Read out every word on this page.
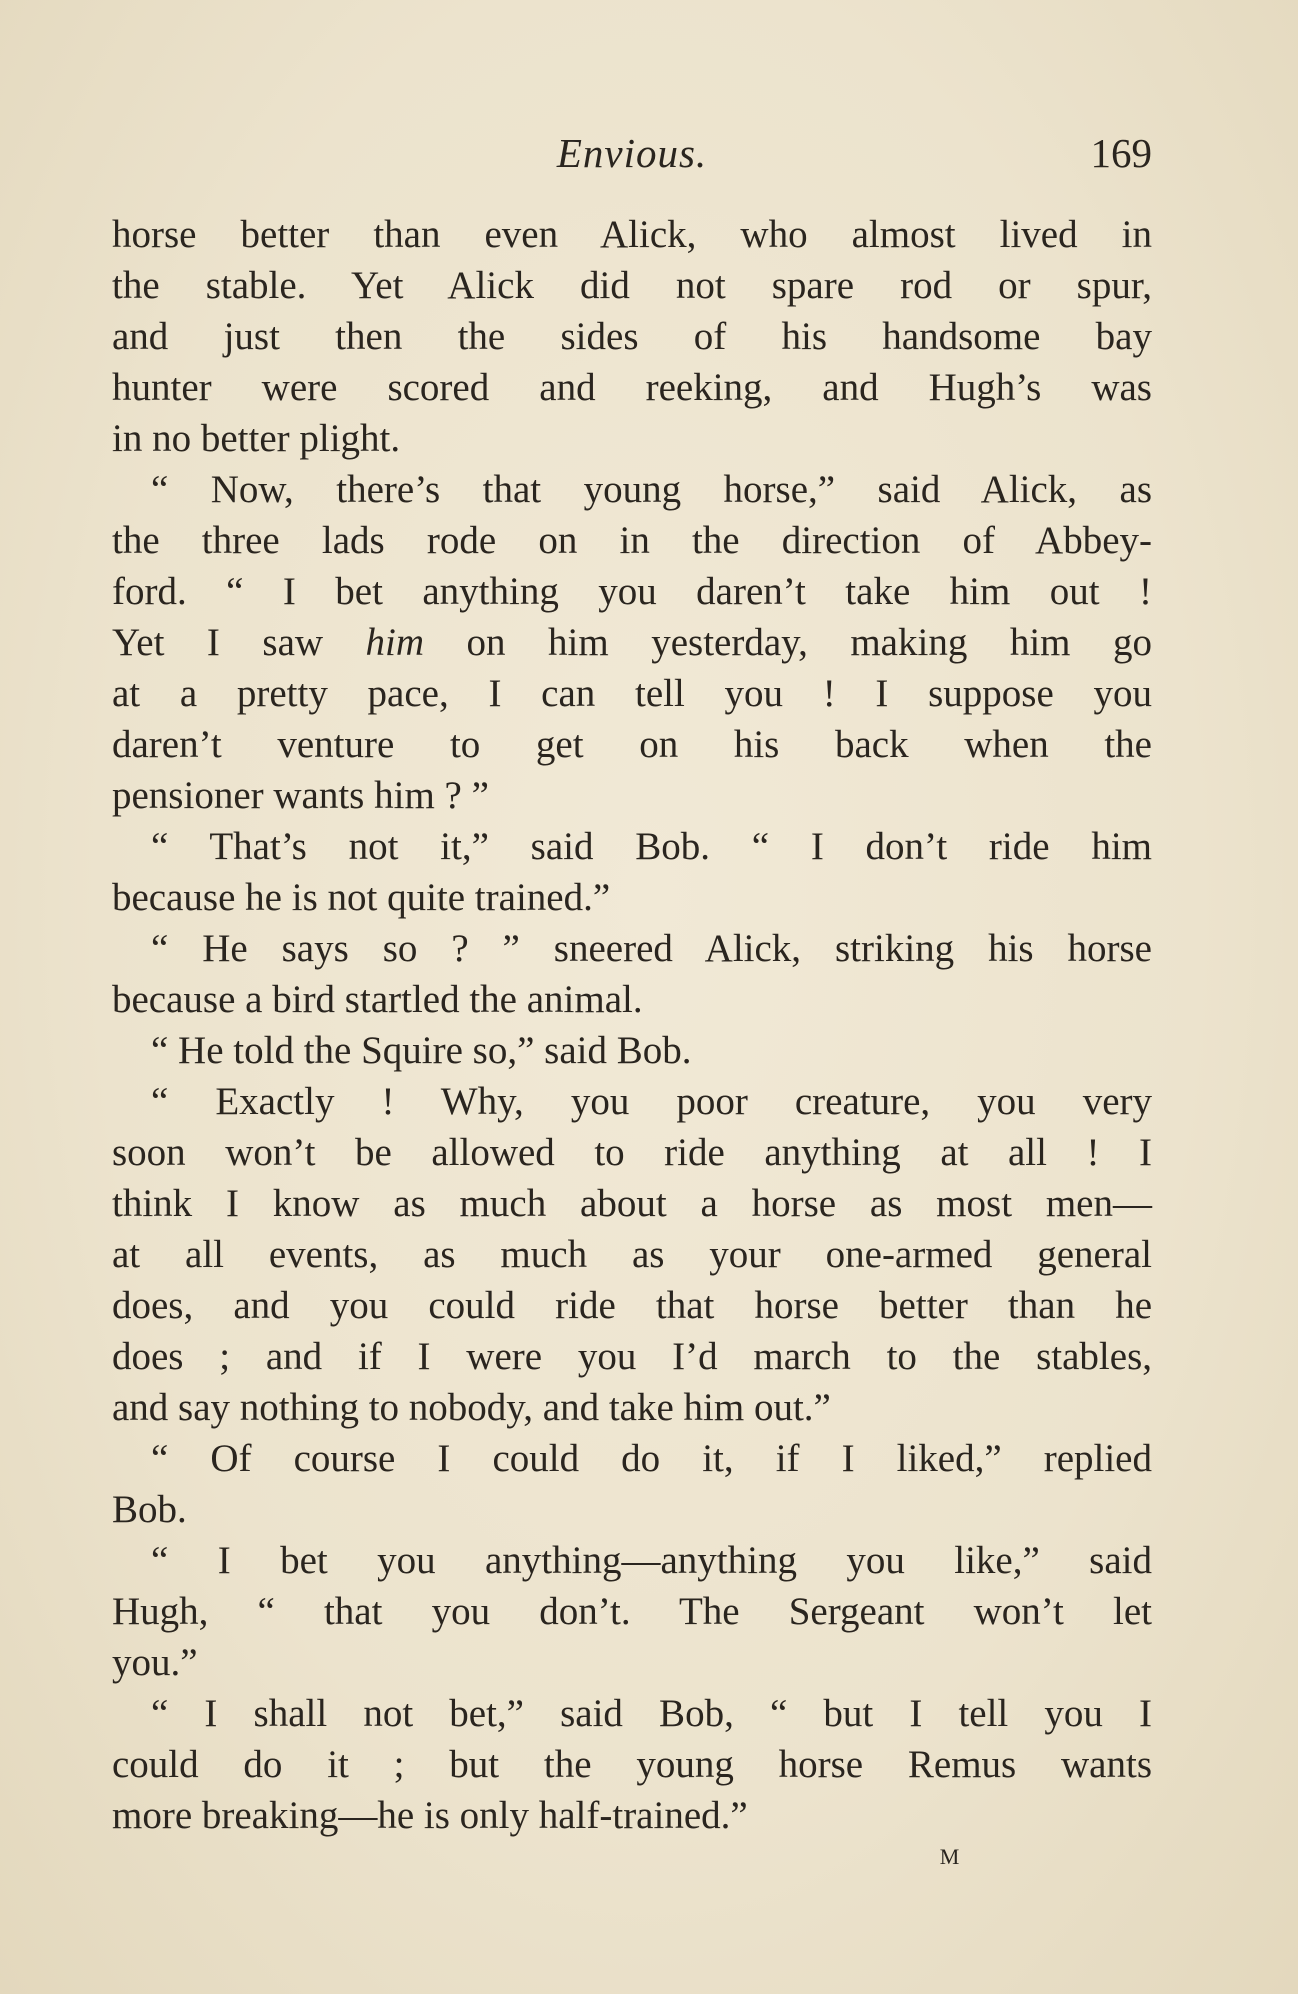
Envious.	169
horse better than even Alick, who almost lived in
the stable. Yet Alick did not spare rod or spur,
and just then the sides of his handsome bay
hunter were scored and reeking, and Hugh’s was
in no better plight.
“ Now, there’s that young horse,” said Alick, as
the three lads rode on in the direction of Abbey-
ford. “ I bet anything you daren’t take him out !
Yet I saw him on him yesterday, making him go
at a pretty pace, I can tell you ! I suppose you
daren’t venture to get on his back when the
pensioner wants him ? ”
“ That’s not it,” said Bob. “ I don’t ride him
because he is not quite trained.”
“ He says so ? ” sneered Alick, striking his horse
because a bird startled the animal.
“ He told the Squire so,” said Bob.
“ Exactly ! Why, you poor creature, you very
soon won’t be allowed to ride anything at all ! I
think I know as much about a horse as most men—
at all events, as much as your one-armed general
does, and you could ride that horse better than he
does ; and if I were you I’d march to the stables,
and say nothing to nobody, and take him out.”
“ Of course I could do it, if I liked,” replied
Bob.
“ I bet you anything—anything you like,” said
Hugh, “ that you don’t. The Sergeant won’t let
you.”
“ I shall not bet,” said Bob, “ but I tell you I
could do it ; but the young horse Remus wants
more breaking—he is only half-trained.”
M
